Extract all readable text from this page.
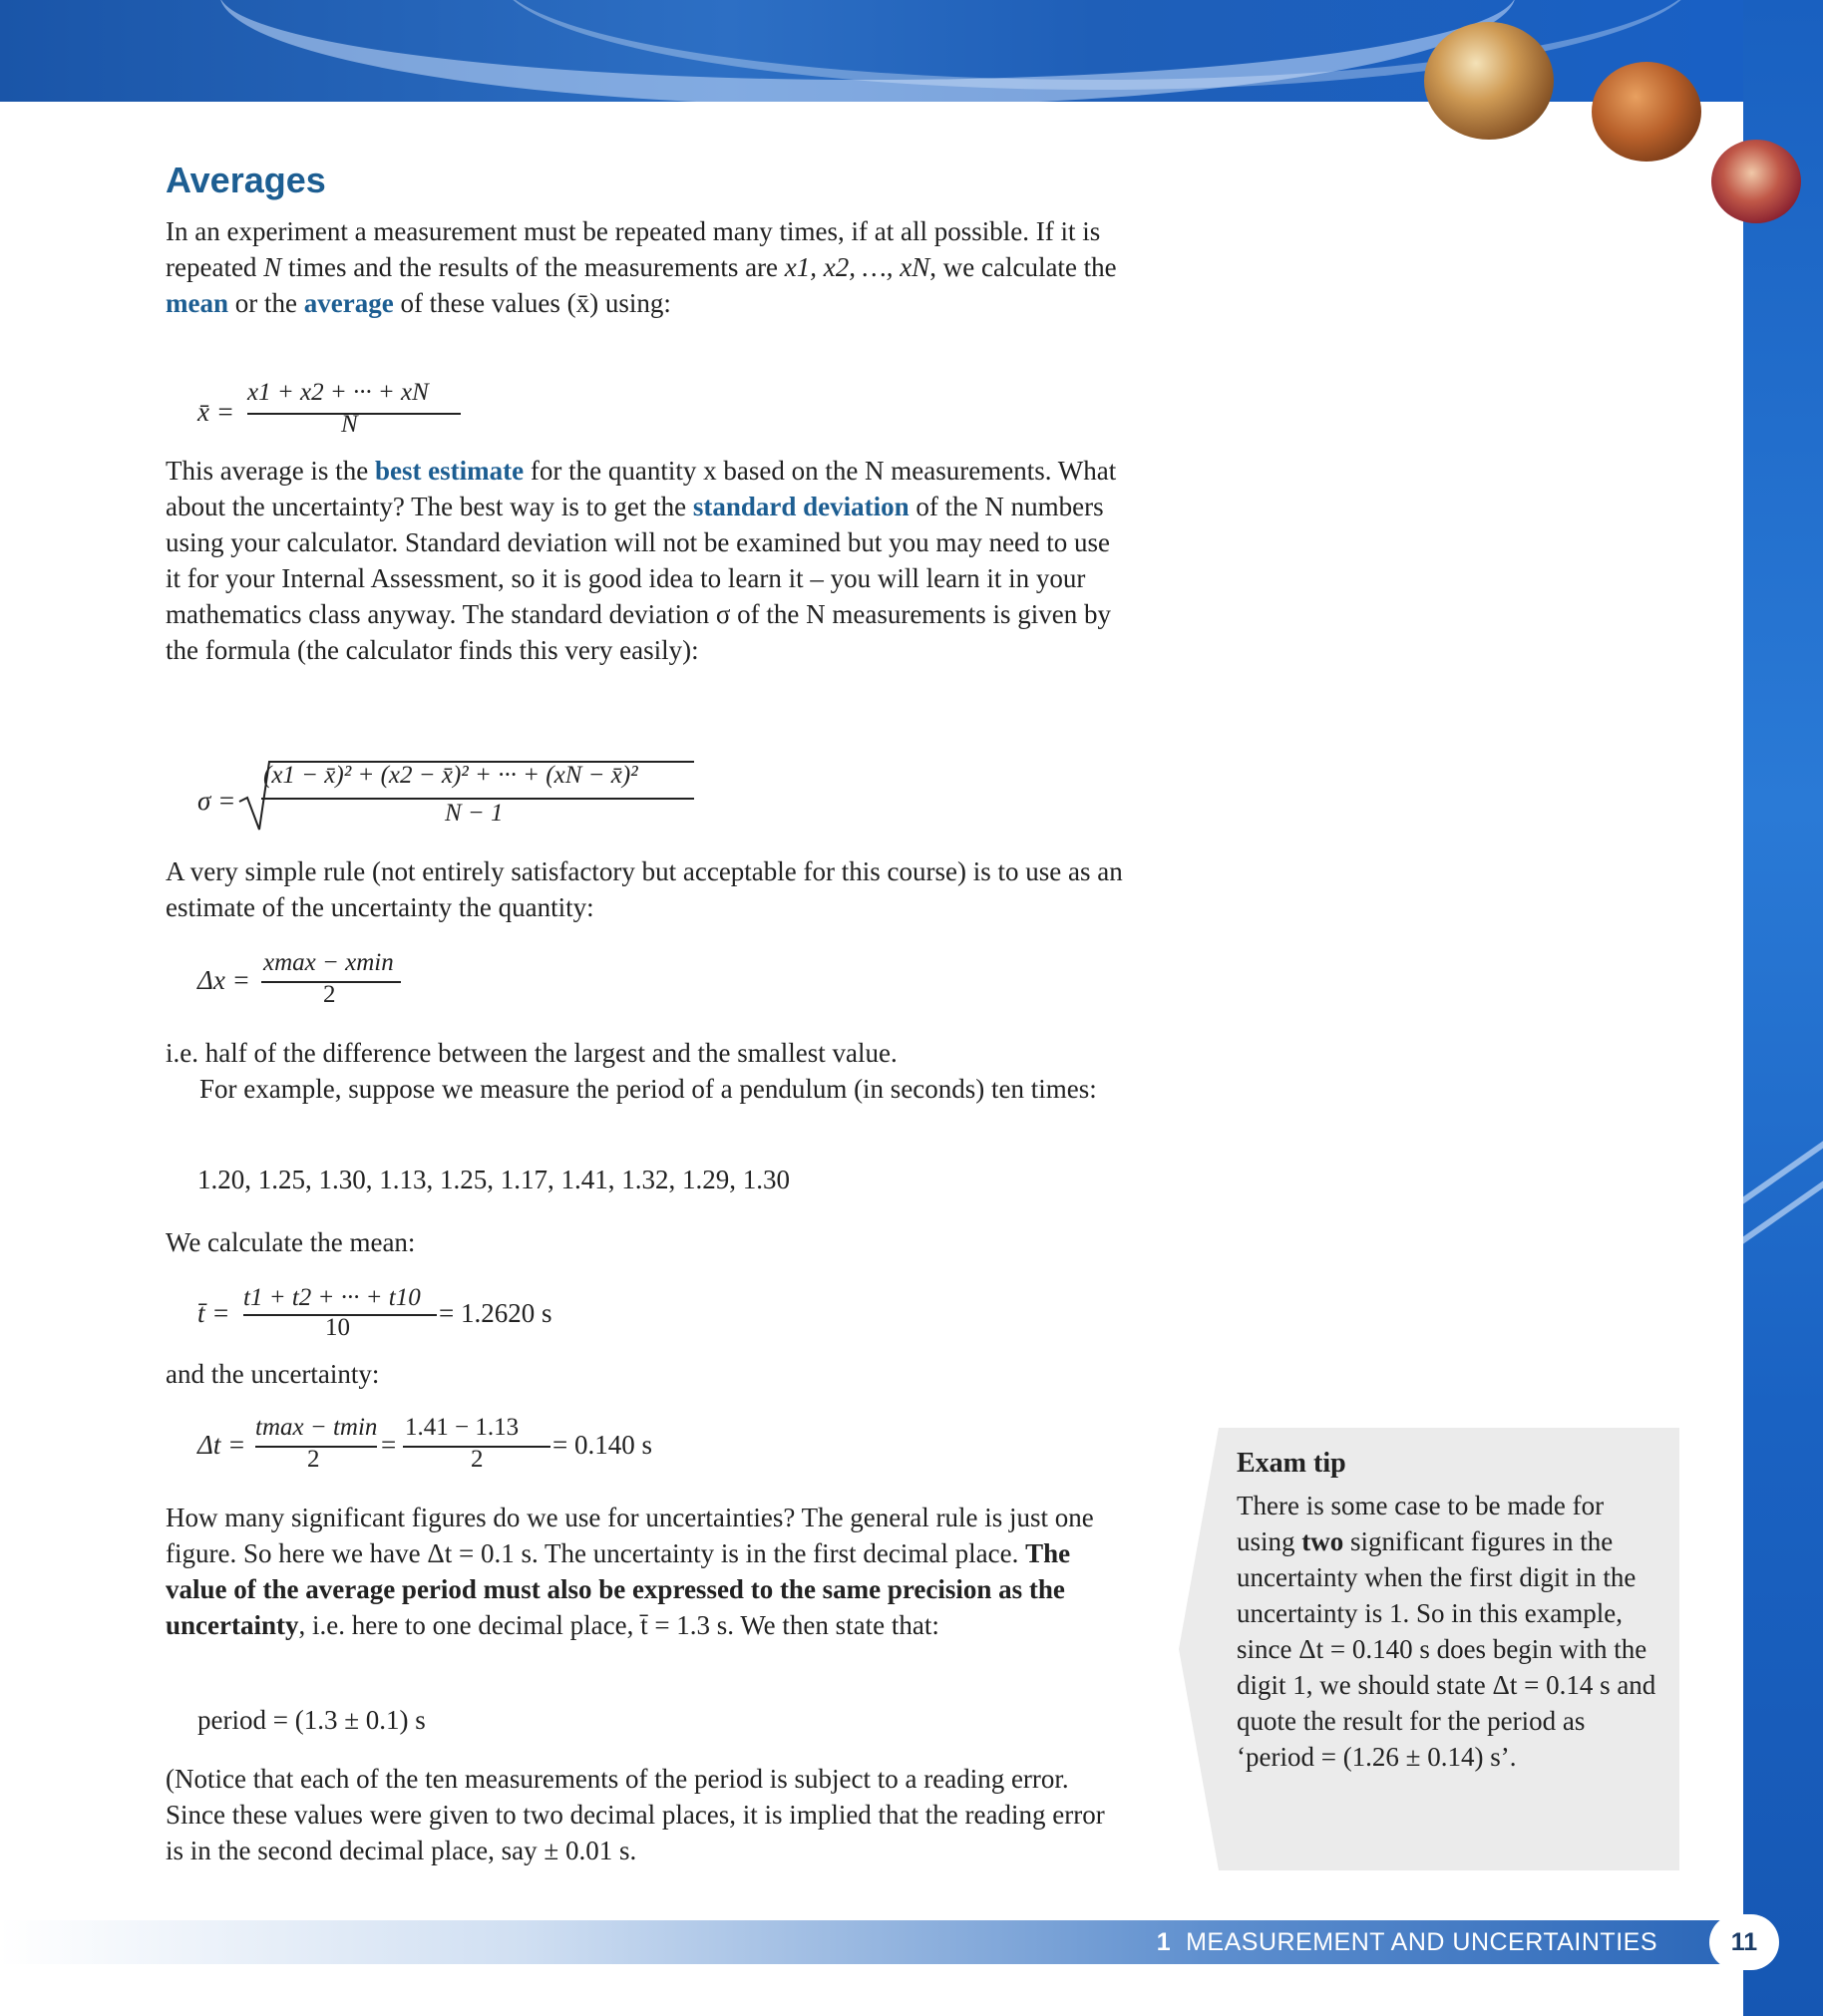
Averages

In an experiment a measurement must be repeated many times, if at all possible. If it is repeated N times and the results of the measurements are x1, x2, …, xN, we calculate the mean or the average of these values (x̄) using:

x̄ =
x1 + x2 + ··· + xN
N

This average is the best estimate for the quantity x based on the N measurements. What about the uncertainty? The best way is to get the standard deviation of the N numbers using your calculator. Standard deviation will not be examined but you may need to use it for your Internal Assessment, so it is good idea to learn it – you will learn it in your mathematics class anyway. The standard deviation σ of the N measurements is given by the formula (the calculator finds this very easily):

σ =
(x1 − x̄)² + (x2 − x̄)² + ··· + (xN − x̄)²
N − 1

A very simple rule (not entirely satisfactory but acceptable for this course) is to use as an estimate of the uncertainty the quantity:

Δx =
xmax − xmin
2

i.e. half of the difference between the largest and the smallest value.

For example, suppose we measure the period of a pendulum (in seconds) ten times:

1.20, 1.25, 1.30, 1.13, 1.25, 1.17, 1.41, 1.32, 1.29, 1.30

We calculate the mean:

t̄ =
t1 + t2 + ··· + t10
10	= 1.2620 s

and the uncertainty:

Δt =
tmax − tmin
2 =
1.41 − 1.13
2	= 0.140 s

How many significant figures do we use for uncertainties? The general rule is just one figure. So here we have Δt = 0.1 s. The uncertainty is in the first decimal place. The value of the average period must also be expressed to the same precision as the uncertainty, i.e. here to one decimal place, t̄ = 1.3 s. We then state that:

period = (1.3 ± 0.1) s

(Notice that each of the ten measurements of the period is subject to a reading error. Since these values were given to two decimal places, it is implied that the reading error is in the second decimal place, say ± 0.01 s.

Exam tip

There is some case to be made for using two significant figures in the uncertainty when the first digit in the uncertainty is 1. So in this example, since Δt = 0.140 s does begin with the digit 1, we should state Δt = 0.14 s and quote the result for the period as ‘period = (1.26 ± 0.14) s’.

1 MEASUREMENT AND UNCERTAINTIES	11
